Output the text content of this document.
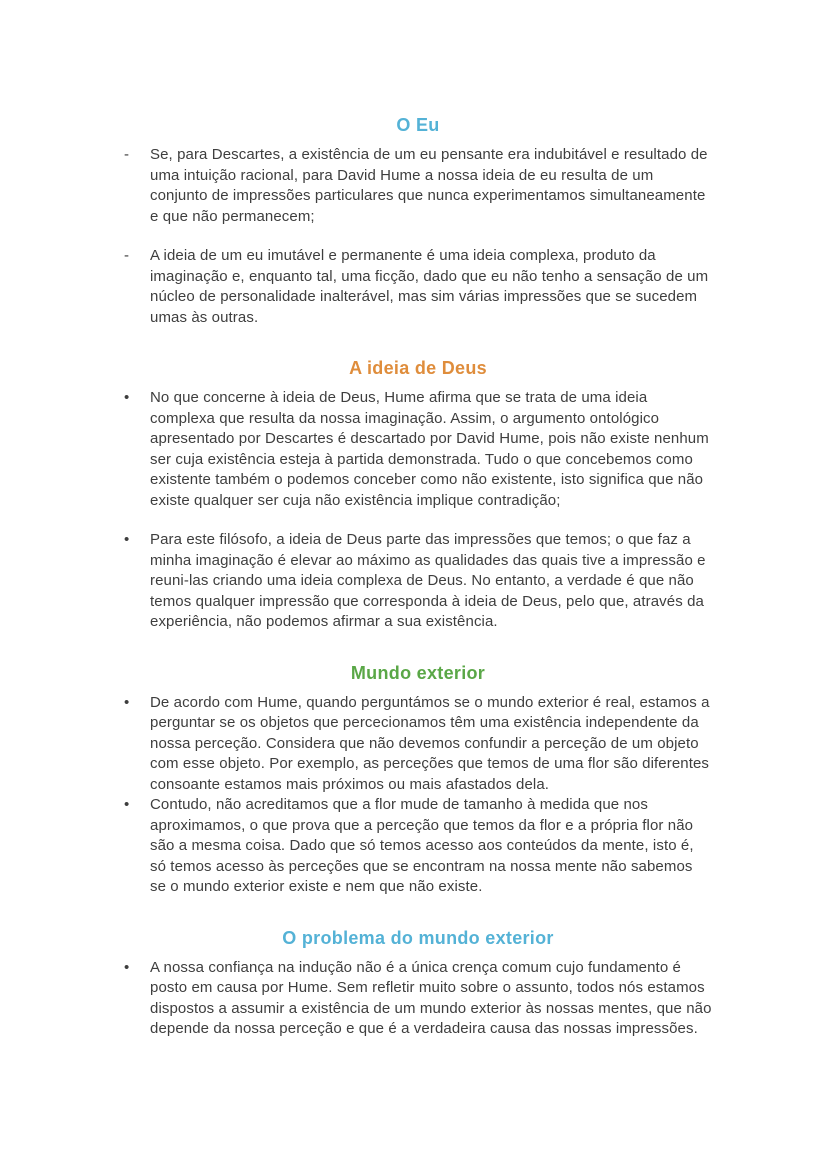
O Eu
-	Se, para Descartes, a existência de um eu pensante era indubitável e resultado de uma intuição racional, para David Hume a nossa ideia de eu resulta de um conjunto de impressões particulares que nunca experimentamos simultaneamente e que não permanecem;
-	A ideia de um eu imutável e permanente é uma ideia complexa, produto da imaginação e, enquanto tal, uma ficção, dado que eu não tenho a sensação de um núcleo de personalidade inalterável, mas sim várias impressões que se sucedem umas às outras.
A ideia de Deus
•	No que concerne à ideia de Deus, Hume afirma que se trata de uma ideia complexa que resulta da nossa imaginação. Assim, o argumento ontológico apresentado por Descartes é descartado por David Hume, pois não existe nenhum ser cuja existência esteja à partida demonstrada. Tudo o que concebemos como existente também o podemos conceber como não existente, isto significa que não existe qualquer ser cuja não existência implique contradição;
•	Para este filósofo, a ideia de Deus parte das impressões que temos; o que faz a minha imaginação é elevar ao máximo as qualidades das quais tive a impressão e reuni-las criando uma ideia complexa de Deus. No entanto, a verdade é que não temos qualquer impressão que corresponda à ideia de Deus, pelo que, através da experiência, não podemos afirmar a sua existência.
Mundo exterior
•	De acordo com Hume, quando perguntámos se o mundo exterior é real, estamos a perguntar se os objetos que percecionamos têm uma existência independente da nossa perceção. Considera que não devemos confundir a perceção de um objeto com esse objeto. Por exemplo, as perceções que temos de uma flor são diferentes consoante estamos mais próximos ou mais afastados dela.
•	Contudo, não acreditamos que a flor mude de tamanho à medida que nos aproximamos, o que prova que a perceção que temos da flor e a própria flor não são a mesma coisa. Dado que só temos acesso aos conteúdos da mente, isto é, só temos acesso às perceções que se encontram na nossa mente não sabemos se o mundo exterior existe e nem que não existe.
O problema do mundo exterior
•	A nossa confiança na indução não é a única crença comum cujo fundamento é posto em causa por Hume. Sem refletir muito sobre o assunto, todos nós estamos dispostos a assumir a existência de um mundo exterior às nossas mentes, que não depende da nossa perceção e que é a verdadeira causa das nossas impressões.
